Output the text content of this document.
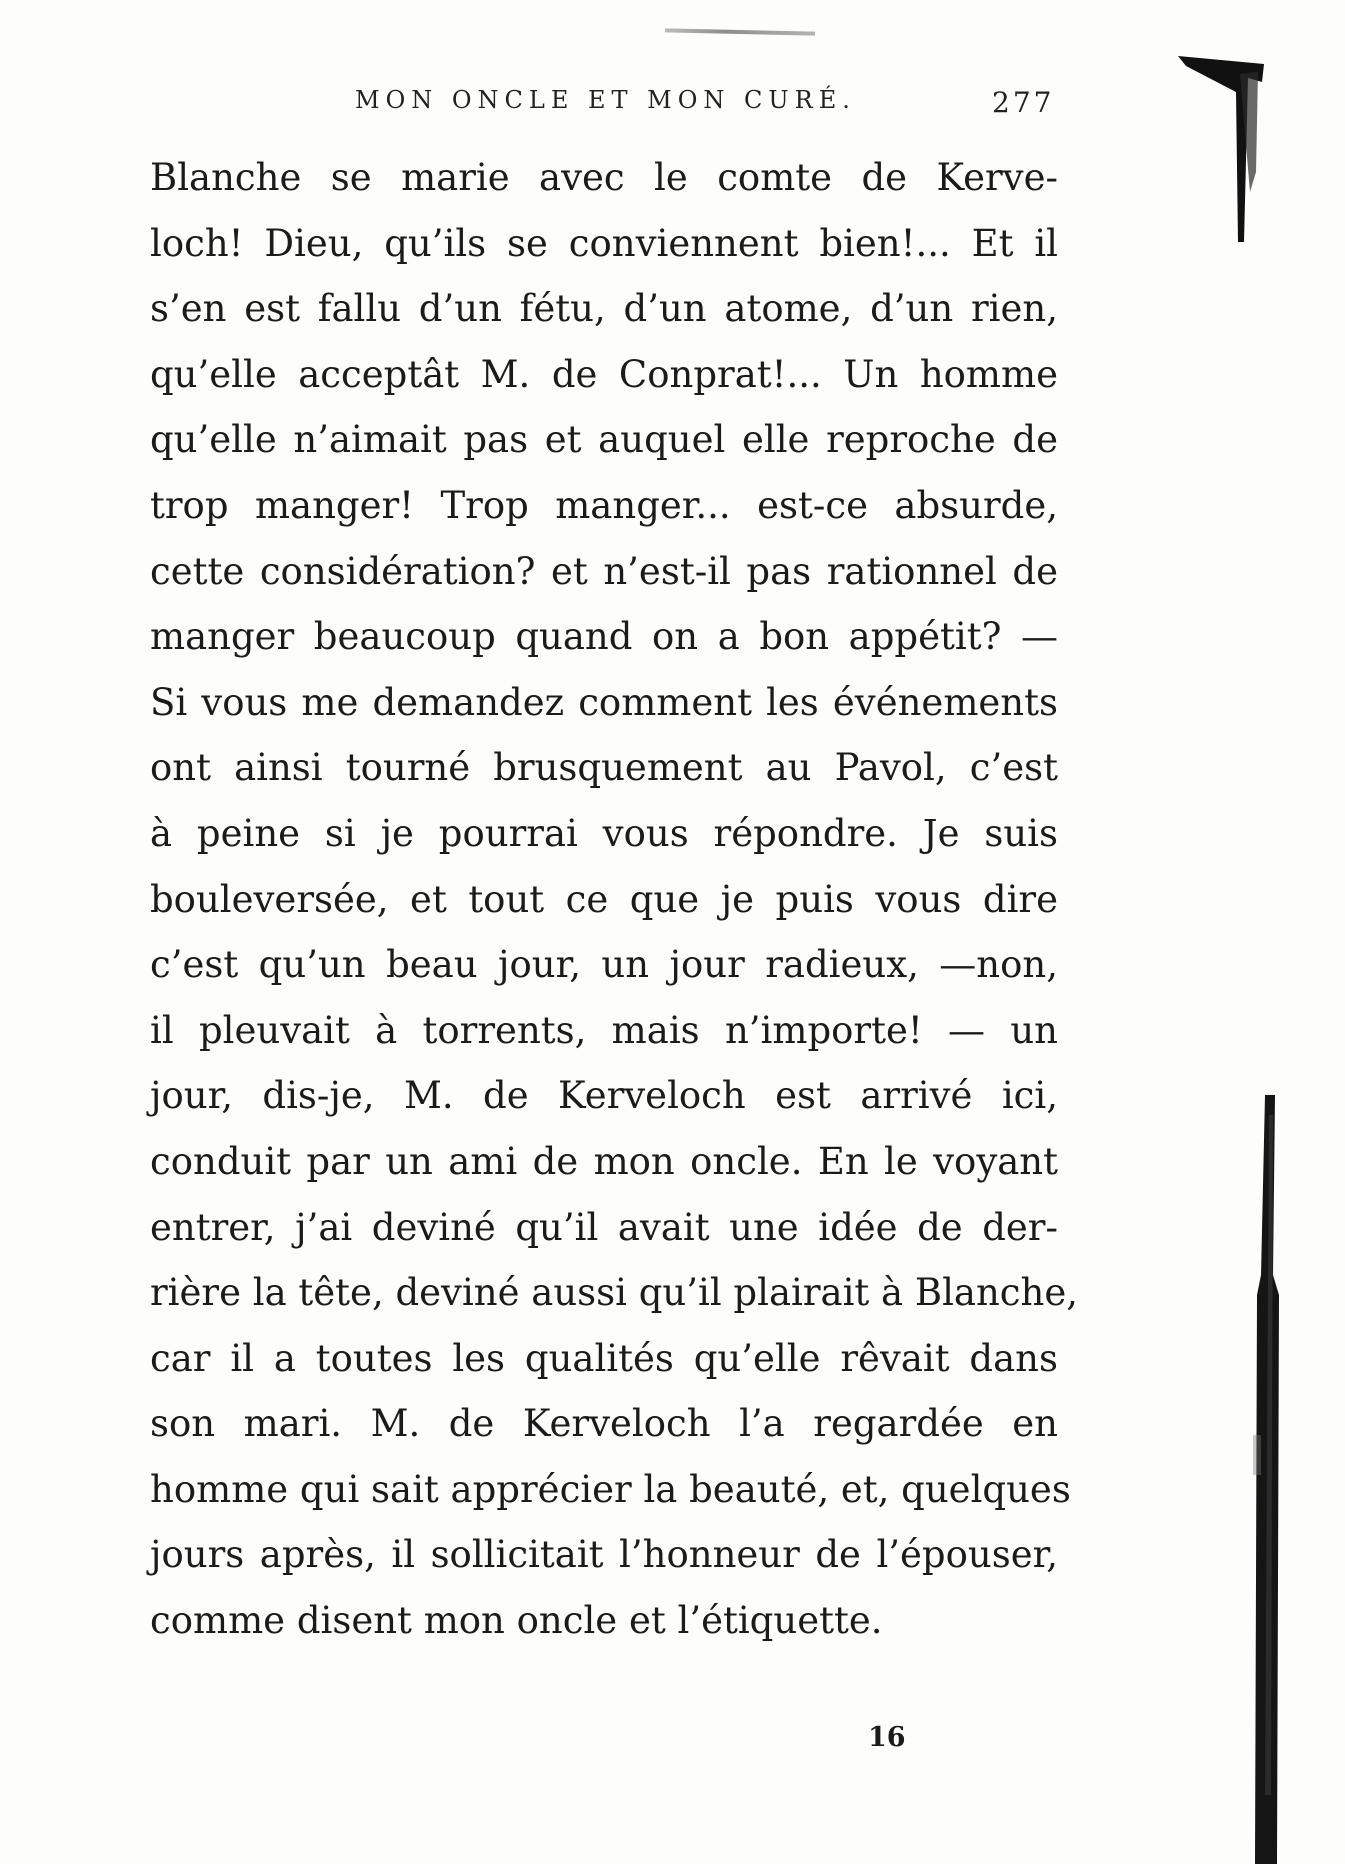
MON ONCLE ET MON CURÉ.	277
Blanche se marie avec le comte de Kerve-
loch! Dieu, qu’ils se conviennent bien!... Et il
s’en est fallu d’un fétu, d’un atome, d’un rien,
qu’elle acceptât M. de Conprat!... Un homme
qu’elle n’aimait pas et auquel elle reproche de
trop manger! Trop manger... est-ce absurde,
cette considération? et n’est-il pas rationnel de
manger beaucoup quand on a bon appétit? —
Si vous me demandez comment les événements
ont ainsi tourné brusquement au Pavol, c’est
à peine si je pourrai vous répondre. Je suis
bouleversée, et tout ce que je puis vous dire
c’est qu’un beau jour, un jour radieux, —non,
il pleuvait à torrents, mais n’importe! — un
jour, dis-je, M. de Kerveloch est arrivé ici,
conduit par un ami de mon oncle. En le voyant
entrer, j’ai deviné qu’il avait une idée de der-
rière la tête, deviné aussi qu’il plairait à Blanche,
car il a toutes les qualités qu’elle rêvait dans
son mari. M. de Kerveloch l’a regardée en
homme qui sait apprécier la beauté, et, quelques
jours après, il sollicitait l’honneur de l’épouser,
comme disent mon oncle et l’étiquette.
16
